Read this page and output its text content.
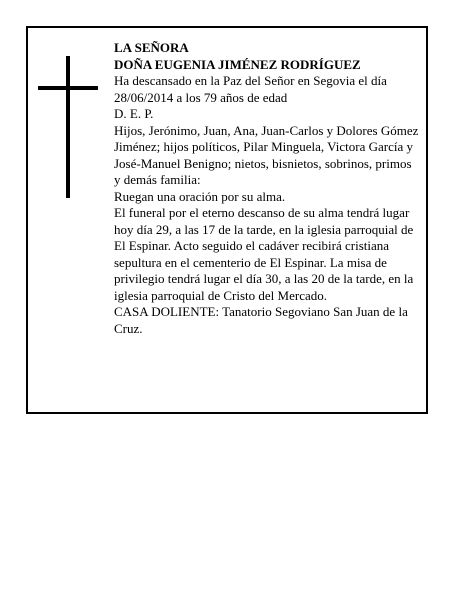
LA SEÑORA

DOÑA EUGENIA JIMÉNEZ RODRÍGUEZ

Ha descansado en la Paz del Señor en Segovia el día 28/06/2014 a los 79 años de edad

D. E. P.

Hijos, Jerónimo, Juan, Ana, Juan-Carlos y Dolores Gómez Jiménez; hijos políticos, Pilar Minguela, Victora García y José-Manuel Benigno; nietos, bisnietos, sobrinos, primos y demás familia:

Ruegan una oración por su alma.

El funeral por el eterno descanso de su alma tendrá lugar hoy día 29, a las 17 de la tarde, en la iglesia parroquial de El Espinar. Acto seguido el cadáver recibirá cristiana sepultura en el cementerio de El Espinar. La misa de privilegio tendrá lugar el día 30, a las 20 de la tarde, en la iglesia parroquial de Cristo del Mercado.

CASA DOLIENTE: Tanatorio Segoviano San Juan de la Cruz.
